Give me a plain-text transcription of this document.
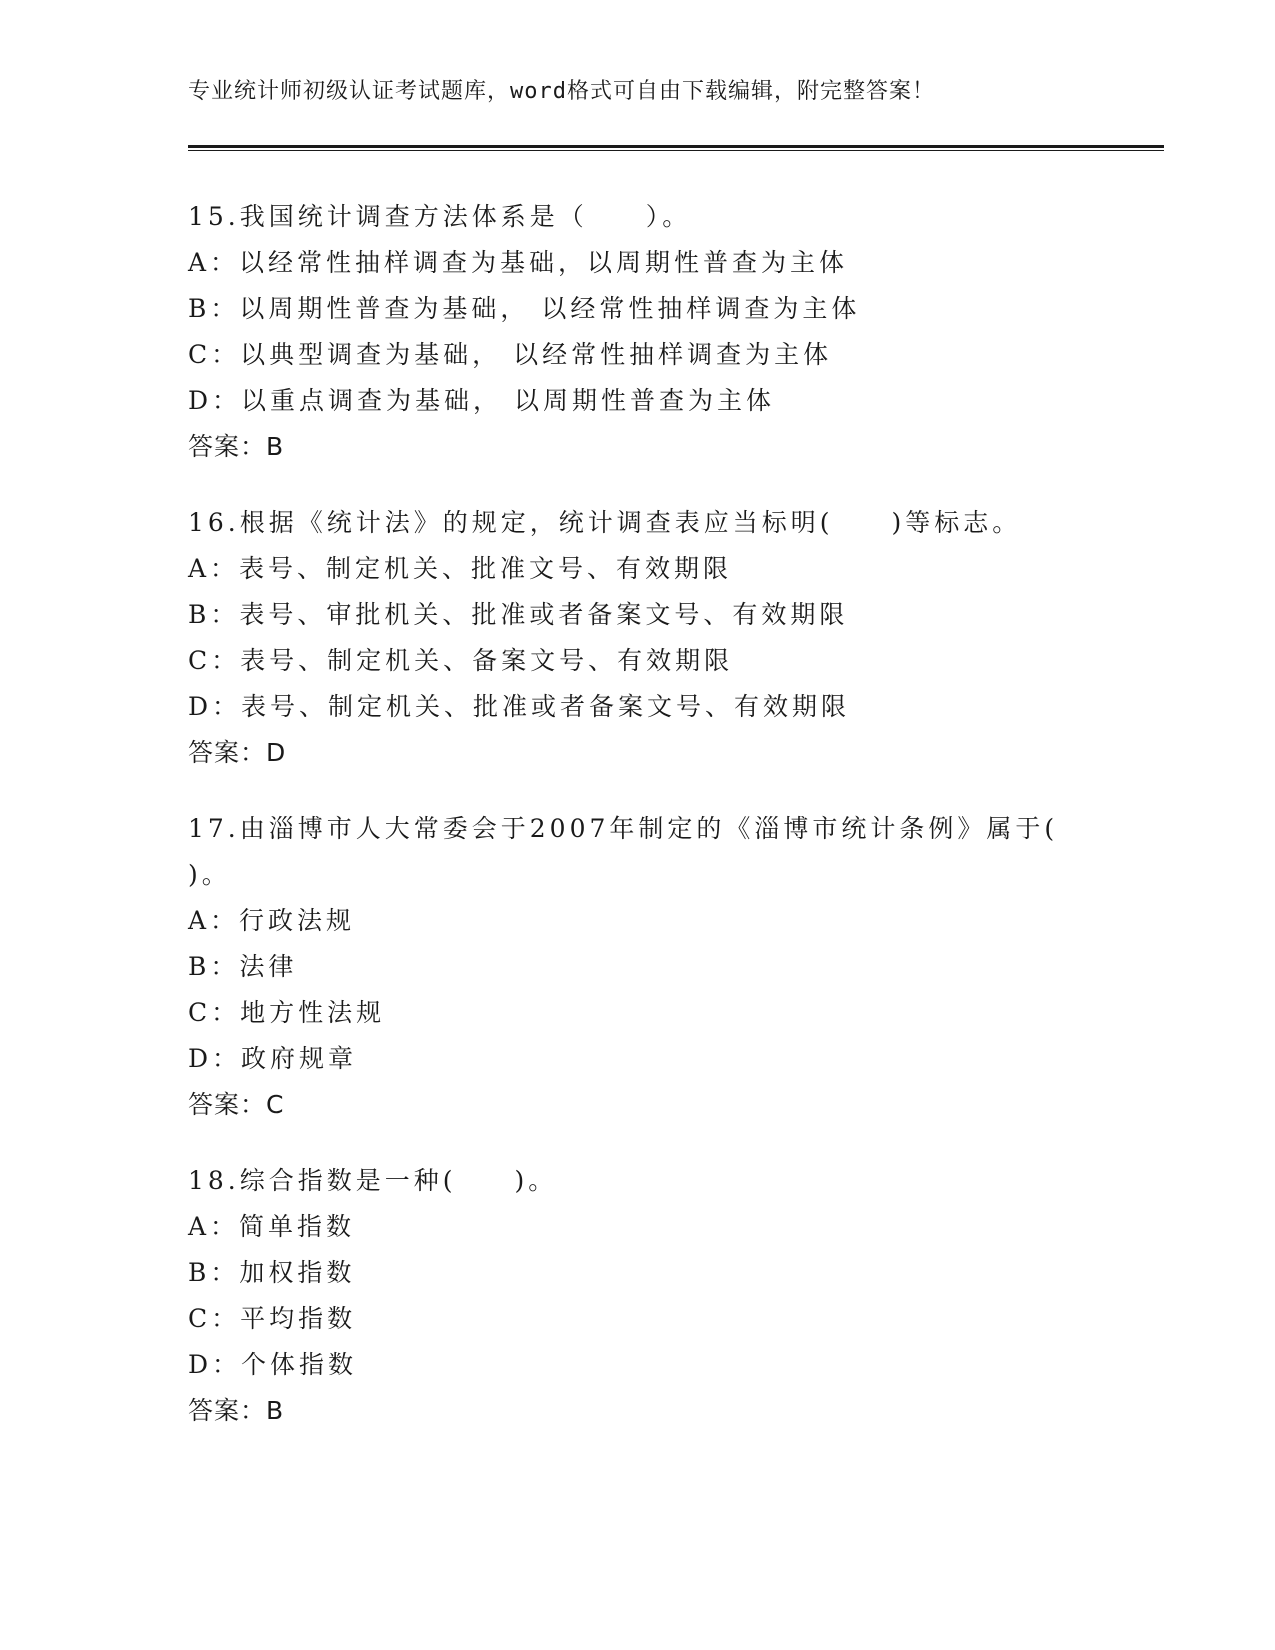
专业统计师初级认证考试题库，word格式可自由下载编辑，附完整答案！
15.我国统计调查方法体系是（　　）。
A：以经常性抽样调查为基础，以周期性普查为主体
B：以周期性普查为基础， 以经常性抽样调查为主体
C：以典型调查为基础， 以经常性抽样调查为主体
D：以重点调查为基础， 以周期性普查为主体
答案：B
16.根据《统计法》的规定，统计调查表应当标明(　　)等标志。
A：表号、制定机关、批准文号、有效期限
B：表号、审批机关、批准或者备案文号、有效期限
C：表号、制定机关、备案文号、有效期限
D：表号、制定机关、批准或者备案文号、有效期限
答案：D
17.由淄博市人大常委会于2007年制定的《淄博市统计条例》属于(
)。
A：行政法规
B：法律
C：地方性法规
D：政府规章
答案：C
18.综合指数是一种(　　)。
A：简单指数
B：加权指数
C：平均指数
D：个体指数
答案：B
